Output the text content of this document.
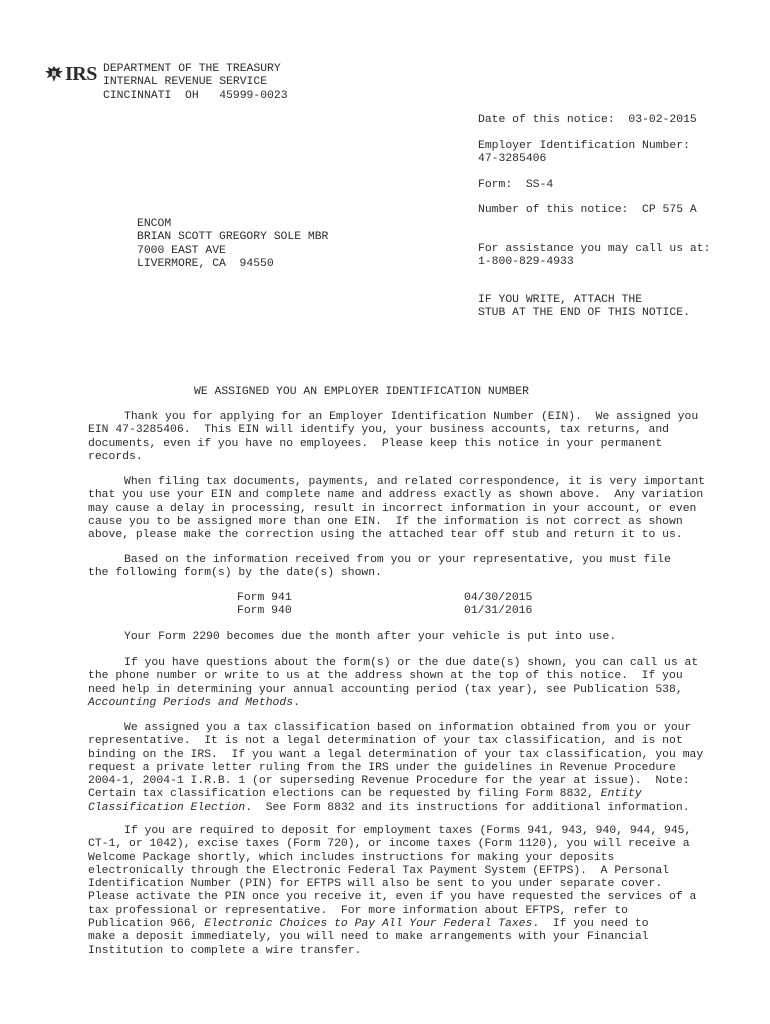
IRS DEPARTMENT OF THE TREASURY
INTERNAL REVENUE SERVICE
CINCINNATI  OH   45999-0023
Date of this notice:  03-02-2015
Employer Identification Number:
47-3285406
Form:  SS-4
Number of this notice:  CP 575 A
For assistance you may call us at:
1-800-829-4933
IF YOU WRITE, ATTACH THE
STUB AT THE END OF THIS NOTICE.
ENCOM
BRIAN SCOTT GREGORY SOLE MBR
7000 EAST AVE
LIVERMORE, CA  94550
WE ASSIGNED YOU AN EMPLOYER IDENTIFICATION NUMBER
Thank you for applying for an Employer Identification Number (EIN).  We assigned you
EIN 47-3285406.  This EIN will identify you, your business accounts, tax returns, and
documents, even if you have no employees.  Please keep this notice in your permanent
records.
When filing tax documents, payments, and related correspondence, it is very important
that you use your EIN and complete name and address exactly as shown above.  Any variation
may cause a delay in processing, result in incorrect information in your account, or even
cause you to be assigned more than one EIN.  If the information is not correct as shown
above, please make the correction using the attached tear off stub and return it to us.
Based on the information received from you or your representative, you must file
the following form(s) by the date(s) shown.
Form 941	04/30/2015
Form 940	01/31/2016
Your Form 2290 becomes due the month after your vehicle is put into use.
If you have questions about the form(s) or the due date(s) shown, you can call us at
the phone number or write to us at the address shown at the top of this notice.  If you
need help in determining your annual accounting period (tax year), see Publication 538,
Accounting Periods and Methods.
We assigned you a tax classification based on information obtained from you or your
representative.  It is not a legal determination of your tax classification, and is not
binding on the IRS.  If you want a legal determination of your tax classification, you may
request a private letter ruling from the IRS under the guidelines in Revenue Procedure
2004-1, 2004-1 I.R.B. 1 (or superseding Revenue Procedure for the year at issue).  Note:
Certain tax classification elections can be requested by filing Form 8832, Entity
Classification Election.  See Form 8832 and its instructions for additional information.
If you are required to deposit for employment taxes (Forms 941, 943, 940, 944, 945,
CT-1, or 1042), excise taxes (Form 720), or income taxes (Form 1120), you will receive a
Welcome Package shortly, which includes instructions for making your deposits
electronically through the Electronic Federal Tax Payment System (EFTPS).  A Personal
Identification Number (PIN) for EFTPS will also be sent to you under separate cover.
Please activate the PIN once you receive it, even if you have requested the services of a
tax professional or representative.  For more information about EFTPS, refer to
Publication 966, Electronic Choices to Pay All Your Federal Taxes.  If you need to
make a deposit immediately, you will need to make arrangements with your Financial
Institution to complete a wire transfer.
